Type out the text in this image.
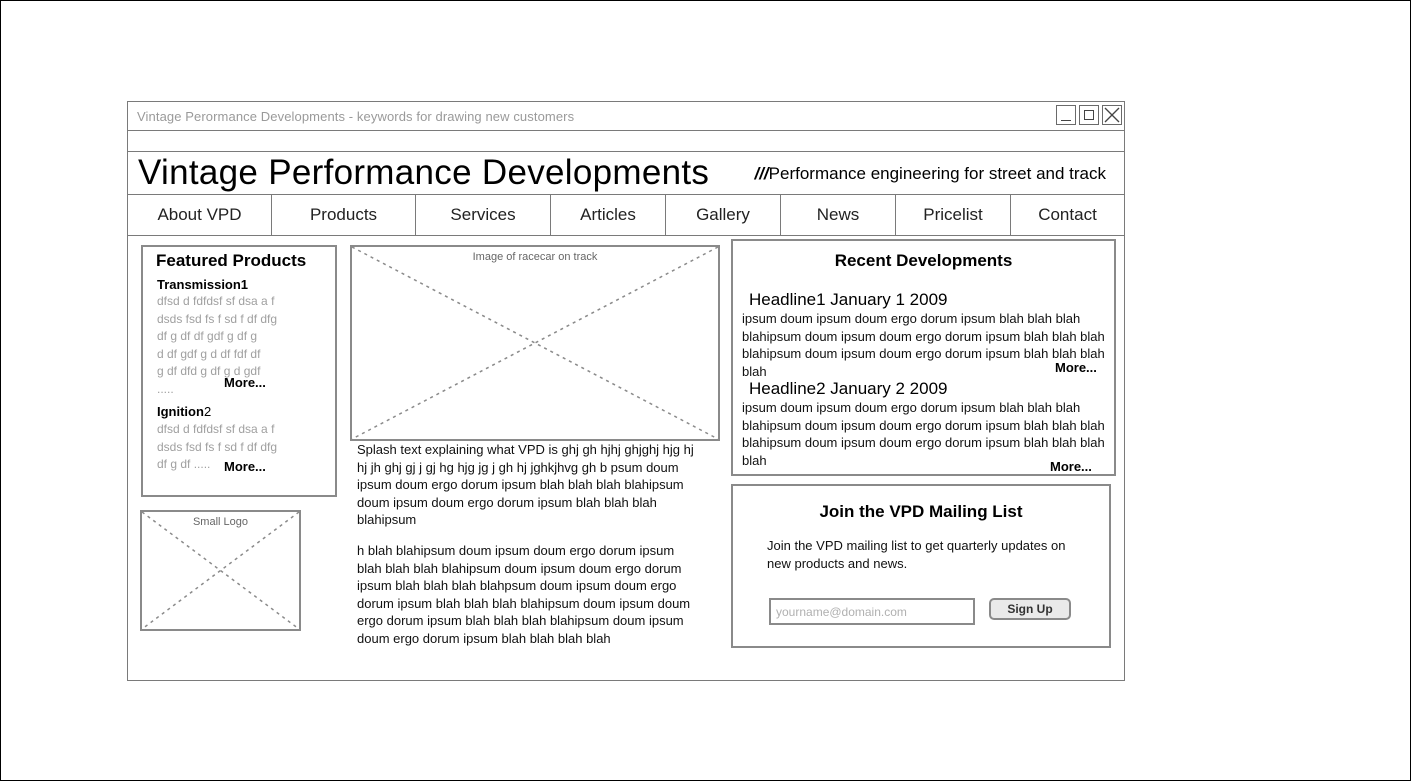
Vintage Perormance Developments - keywords for drawing new customers
Vintage Performance Developments	///Performance engineering for street and track
About VPD	Products	Services	Articles	Gallery	News	Pricelist	Contact
Featured Products
Transmission1
dfsd d fdfdsf sf dsa a f
dsds fsd fs f sd f df dfg
df g df df gdf g df g
d df gdf g d df fdf df
g df dfd g df g d gdf
.....	More...
Ignition2
dfsd d fdfdsf sf dsa a f
dsds fsd fs f sd f df dfg
df g df .....	More...
Small Logo
Image of racecar on track
Splash text explaining what VPD is ghj gh hjhj ghjghj hjg hj hj jh ghj gj j gj hg hjg jg j gh hj jghkjhvg gh b psum doum ipsum doum ergo dorum ipsum blah blah blah blahipsum doum ipsum doum ergo dorum ipsum blah blah blah blahipsum
h blah blahipsum doum ipsum doum ergo dorum ipsum blah blah blah blahipsum doum ipsum doum ergo dorum ipsum blah blah blah blahpsum doum ipsum doum ergo dorum ipsum blah blah blah blahipsum doum ipsum doum ergo dorum ipsum blah blah blah blahipsum doum ipsum doum ergo dorum ipsum blah blah blah blah
Recent Developments
Headline1 January 1 2009
ipsum doum ipsum doum ergo dorum ipsum blah blah blah blahipsum doum ipsum doum ergo dorum ipsum blah blah blah blahipsum doum ipsum doum ergo dorum ipsum blah blah blah blah	More...
Headline2 January 2 2009
ipsum doum ipsum doum ergo dorum ipsum blah blah blah blahipsum doum ipsum doum ergo dorum ipsum blah blah blah blahipsum doum ipsum doum ergo dorum ipsum blah blah blah blah	More...
Join the VPD Mailing List
Join the VPD mailing list to get quarterly updates on new products and news.
yourname@domain.com
Sign Up
